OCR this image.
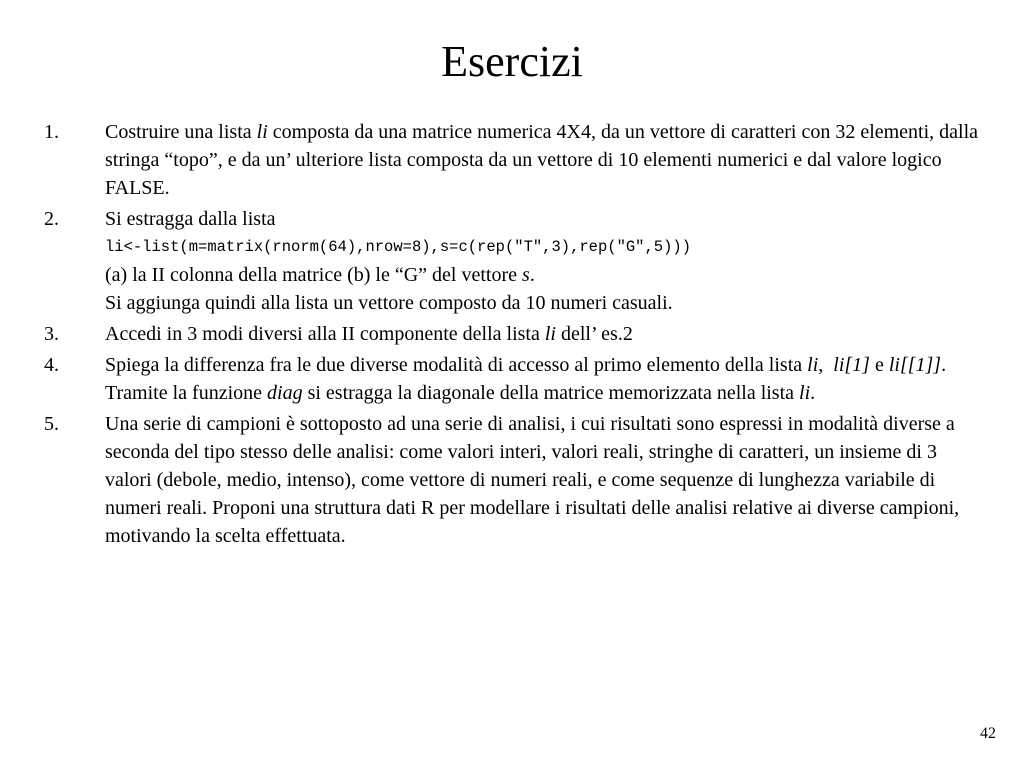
Esercizi
1. Costruire una lista li composta da una matrice numerica 4X4, da un vettore di caratteri con 32 elementi, dalla stringa “topo”, e da un’ ulteriore lista composta da un vettore di 10 elementi numerici e dal valore logico FALSE.
2. Si estragga dalla lista
li<-list(m=matrix(rnorm(64),nrow=8),s=c(rep("T",3),rep("G",5)))
(a) la II colonna della matrice (b) le “G” del vettore s.
Si aggiunga quindi alla lista un vettore composto da 10 numeri casuali.
3. Accedi in 3 modi diversi alla II componente della lista li dell’ es.2
4. Spiega la differenza fra le due diverse modalità di accesso al primo elemento della lista li,  li[1] e li[[1]]. Tramite la funzione diag si estragga la diagonale della matrice memorizzata nella lista li.
5. Una serie di campioni è sottoposto ad una serie di analisi, i cui risultati sono espressi in modalità diverse a seconda del tipo stesso delle analisi: come valori interi, valori reali, stringhe di caratteri, un insieme di 3 valori (debole, medio, intenso), come vettore di numeri reali, e come sequenze di lunghezza variabile di numeri reali. Proponi una struttura dati R per modellare i risultati delle analisi relative ai diverse campioni, motivando la scelta effettuata.
42
